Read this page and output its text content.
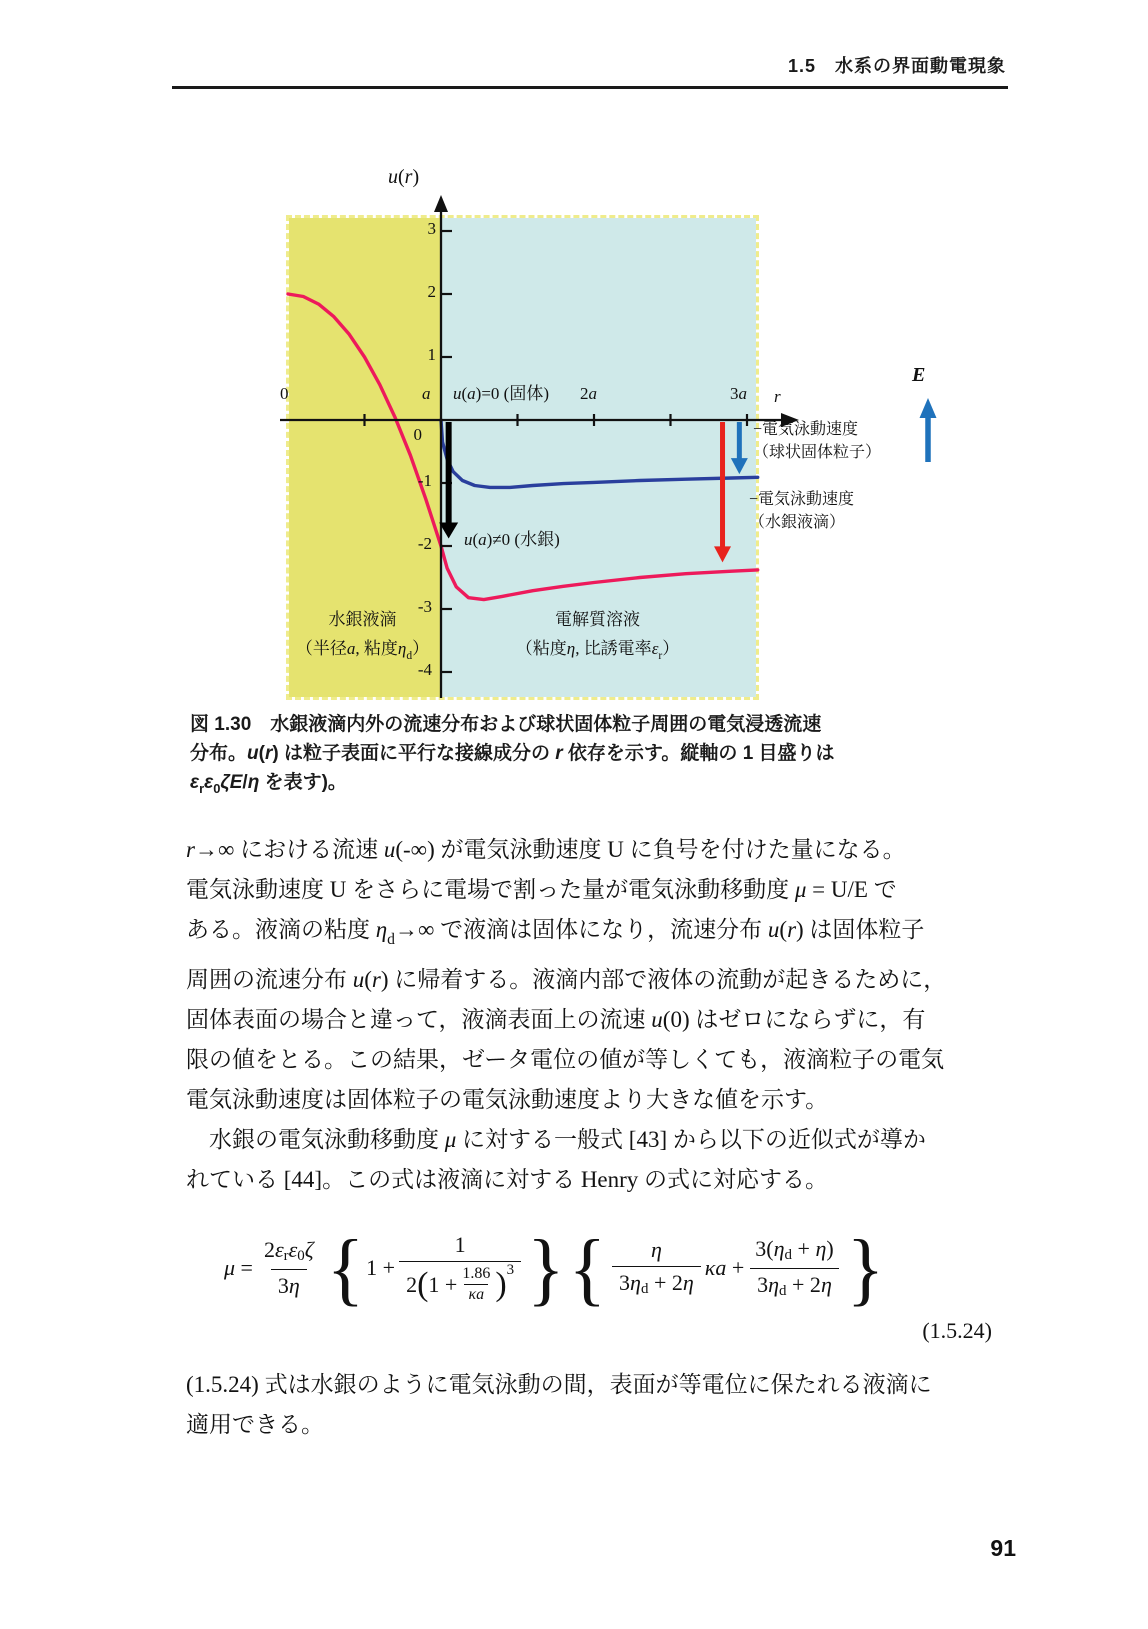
1.5　水系の界面動電現象
u(r)
3
2
1
0
-1
-2
-3
-4
0	a	2a	3a r
u(a)=0 (固体)
u(a)≠0 (水銀)
水銀液滴
（半径a, 粘度$\eta_d$）
電解質溶液
（粘度η, 比誘電率$\varepsilon_r$）
−電気泳動速度
（球状固体粒子）
−電気泳動速度
（水銀液滴）
E
図 1.30　水銀液滴内外の流速分布および球状固体粒子周囲の電気浸透流速
分布。u(r) は粒子表面に平行な接線成分の r 依存を示す。縦軸の 1 目盛りは
$\varepsilon_r\varepsilon_0\zeta E/\eta$ を表す)。
r→∞ における流速 u(-∞) が電気泳動速度 U に負号を付けた量になる。
電気泳動速度 U をさらに電場で割った量が電気泳動移動度 μ = U/E で
ある。液滴の粘度 $\eta_d\to\infty$ で液滴は固体になり，流速分布 u(r) は固体粒子
周囲の流速分布 u(r) に帰着する。液滴内部で液体の流動が起きるために，
固体表面の場合と違って，液滴表面上の流速 u(0) はゼロにならずに，有
限の値をとる。この結果，ゼータ電位の値が等しくても，液滴粒子の電気
電気泳動速度は固体粒子の電気泳動速度より大きな値を示す。
　水銀の電気泳動移動度 μ に対する一般式 [43] から以下の近似式が導か
れている [44]。この式は液滴に対する Henry の式に対応する。
$\mu = \frac{\text{2εrε0ζ}}{3\eta}$ { 1 +
1
2 ( $1 + \frac{1.86}{\kappa a}$ ) 3 } { $\frac{\eta}{3\eta d + 2\eta}$ $\kappa a + \frac{3(\eta d + \eta)}{3\eta d + 2\eta}$ }
(1.5.24)
(1.5.24) 式は水銀のように電気泳動の間，表面が等電位に保たれる液滴に
適用できる。
91
